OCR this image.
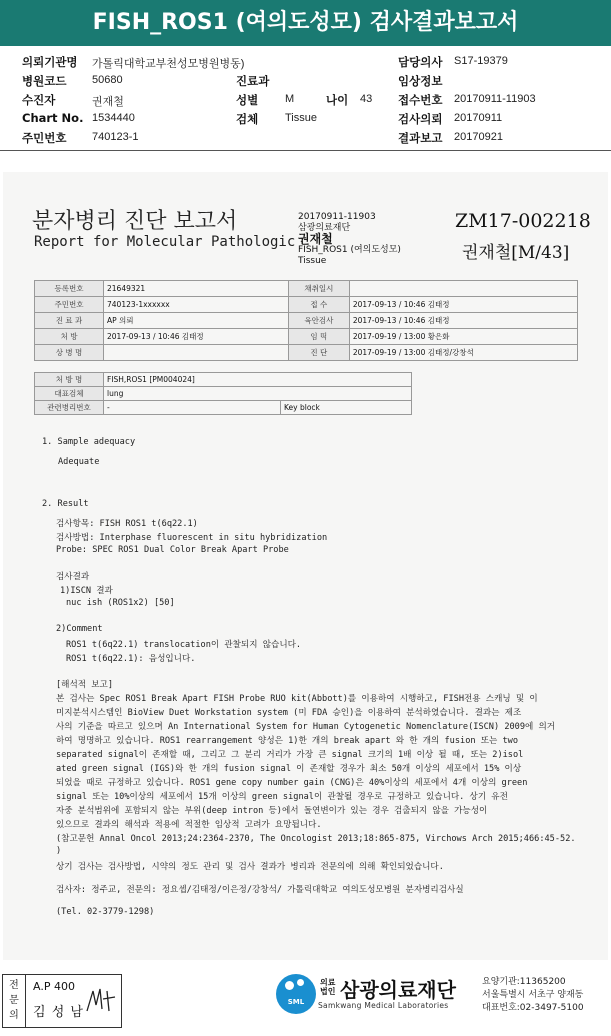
FISH_ROS1 (여의도성모) 검사결과보고서
의뢰기관명 가톨릭대학교부천성모병원병동)	담당의사 S17-19379
병원코드 50680	진료과	임상정보
수진자	권재철	성별 M	나이 43 접수번호 20170911-11903
Chart No. 1534440	검체 Tissue	검사의뢰 20170911
주민번호 740123-1	결과보고 20170921
분자병리 진단 보고서
Report for Molecular Pathologic
20170911-11903
삼광의료재단
권재철
FISH_ROS1 (여의도성모)
Tissue
ZM17-002218
권재철[M/43]
등록번호	21649321	채취일시	
주민번호	740123-1xxxxxx	접 수	2017-09-13 / 10:46 김태정
진 료 과	AP 의뢰	육안검사	2017-09-13 / 10:46 김태정
처 방	2017-09-13 / 10:46 김태정	임 띡	2017-09-19 / 13:00 황은화
상 병 명		진 단	2017-09-19 / 13:00 김태정/강창석
처 방 명	FISH,ROS1 [PM004024]	
대표검체	lung	
관련병리번호	-	Key block
1. Sample adequacy
Adequate
2. Result
검사항목: FISH ROS1 t(6q22.1)
검사방법: Interphase fluorescent in situ hybridization
Probe: SPEC ROS1 Dual Color Break Apart Probe
검사결과
1)ISCN 결과
nuc ish (ROS1x2) [50]
2)Comment
ROS1 t(6q22.1) translocation이 관찰되지 않습니다.
ROS1 t(6q22.1): 음성입니다.
[해석적 보고]
본 검사는 Spec ROS1 Break Apart FISH Probe RUO kit(Abbott)를 이용하여 시행하고, FISH전용 스캐닝 및 이
미지분석시스템인 BioView Duet Workstation system (미 FDA 승인)을 이용하여 분석하였습니다. 결과는 제조
사의 기준을 따르고 있으며 An International System for Human Cytogenetic Nomenclature(ISCN) 2009에 의거
하여 명명하고 있습니다. ROS1 rearrangement 양성은 1)한 개의 break apart 와 한 개의 fusion 또는 two
separated signal이 존재할 때, 그리고 그 분리 거리가 가장 큰 signal 크기의 1배 이상 될 때, 또는 2)isol
ated green signal (IGS)와 한 개의 fusion signal 이 존재할 경우가 최소 50개 이상의 세포에서 15% 이상
되었을 때로 규정하고 있습니다. ROS1 gene copy number gain (CNG)은 40%이상의 세포에서 4개 이상의 green
signal 또는 10%이상의 세포에서 15개 이상의 green signal이 관찰될 경우로 규정하고 있습니다. 상기 유전
자중 분석범위에 포함되지 않는 부위(deep intron 등)에서 돌연변이가 있는 경우 검출되지 않을 가능성이
있으므로 결과의 해석과 적용에 적절한 임상적 고려가 요망됩니다.
(참고문헌 Annal Oncol 2013;24:2364-2370, The Oncologist 2013;18:865-875, Virchows Arch 2015;466:45-52.
)
상기 검사는 검사방법, 시약의 정도 관리 및 검사 결과가 병리과 전문의에 의해 확인되었습니다.
검사자: 정주교, 전문의: 정요셉/김태정/이은정/강창석/ 가톨릭대학교 여의도성모병원 분자병리검사실
(Tel. 02-3779-1298)
전문의
A.P 400
김 성 남
SML
의료
법인 삼광의료재단
Samkwang Medical Laboratories
요양기관:11365200
서울특별시 서초구 양재동
대표번호:02-3497-5100
